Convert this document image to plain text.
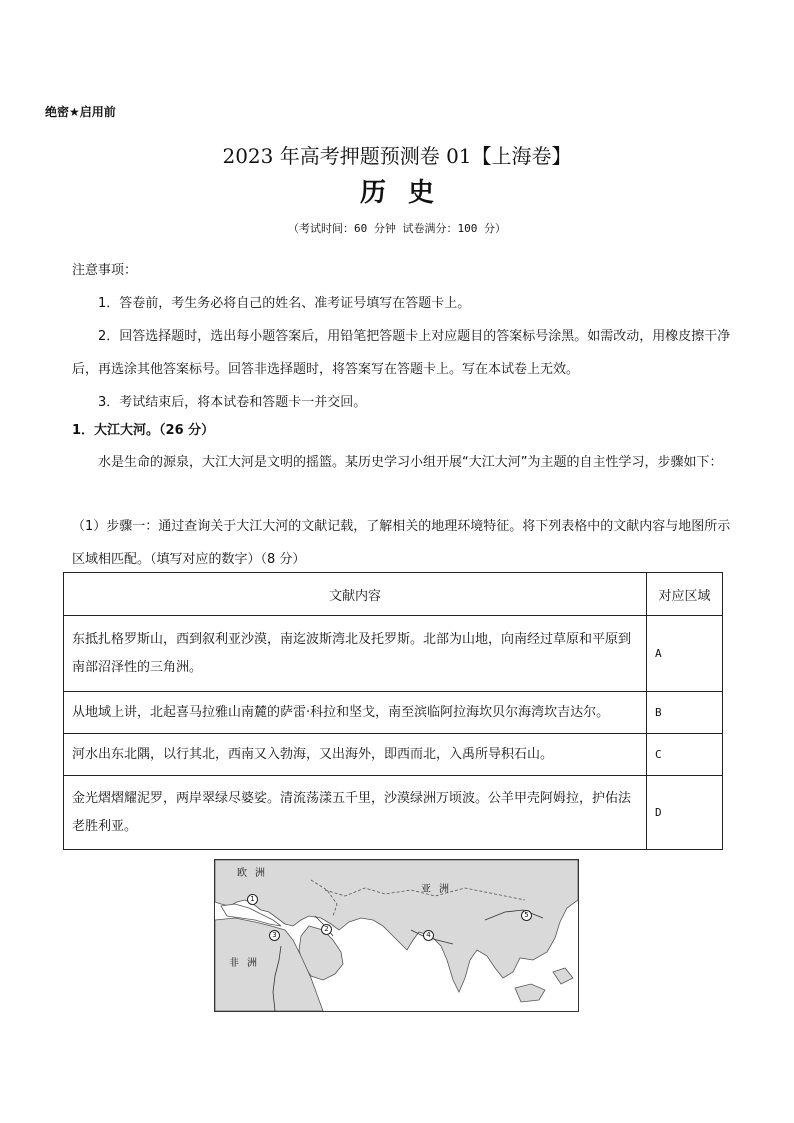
绝密★启用前
2023 年高考押题预测卷 01【上海卷】
历史
（考试时间：60 分钟 试卷满分：100 分）

注意事项：

1．答卷前，考生务必将自己的姓名、准考证号填写在答题卡上。

2．回答选择题时，选出每小题答案后，用铅笔把答题卡上对应题目的答案标号涂黑。如需改动，用橡皮擦干净后，再选涂其他答案标号。回答非选择题时，将答案写在答题卡上。写在本试卷上无效。

3．考试结束后，将本试卷和答题卡一并交回。

1．大江大河。（26 分）

水是生命的源泉，大江大河是文明的摇篮。某历史学习小组开展“大江大河”为主题的自主性学习，步骤如下：

（1）步骤一：通过查询关于大江大河的文献记载，了解相关的地理环境特征。将下列表格中的文献内容与地图所示区域相匹配。（填写对应的数字）（8 分）

文献内容	对应区域
东抵扎格罗斯山，西到叙利亚沙漠，南迄波斯湾北及托罗斯。北部为山地，向南经过草原和平原到南部沼泽性的三角洲。	A
从地域上讲，北起喜马拉雅山南麓的萨雷·科拉和坚戈，南至滨临阿拉海坎贝尔海湾坎吉达尔。	B
河水出东北隅，以行其北，西南又入勃海，又出海外，即西而北，入禹所导积石山。	C
金光熠熠耀泥罗，两岸翠绿尽婆娑。清流荡漾五千里，沙漠绿洲万顷波。公羊甲壳阿姆拉，护佑法老胜利亚。	D
欧洲
亚洲
非洲
1
2
3	4
5
